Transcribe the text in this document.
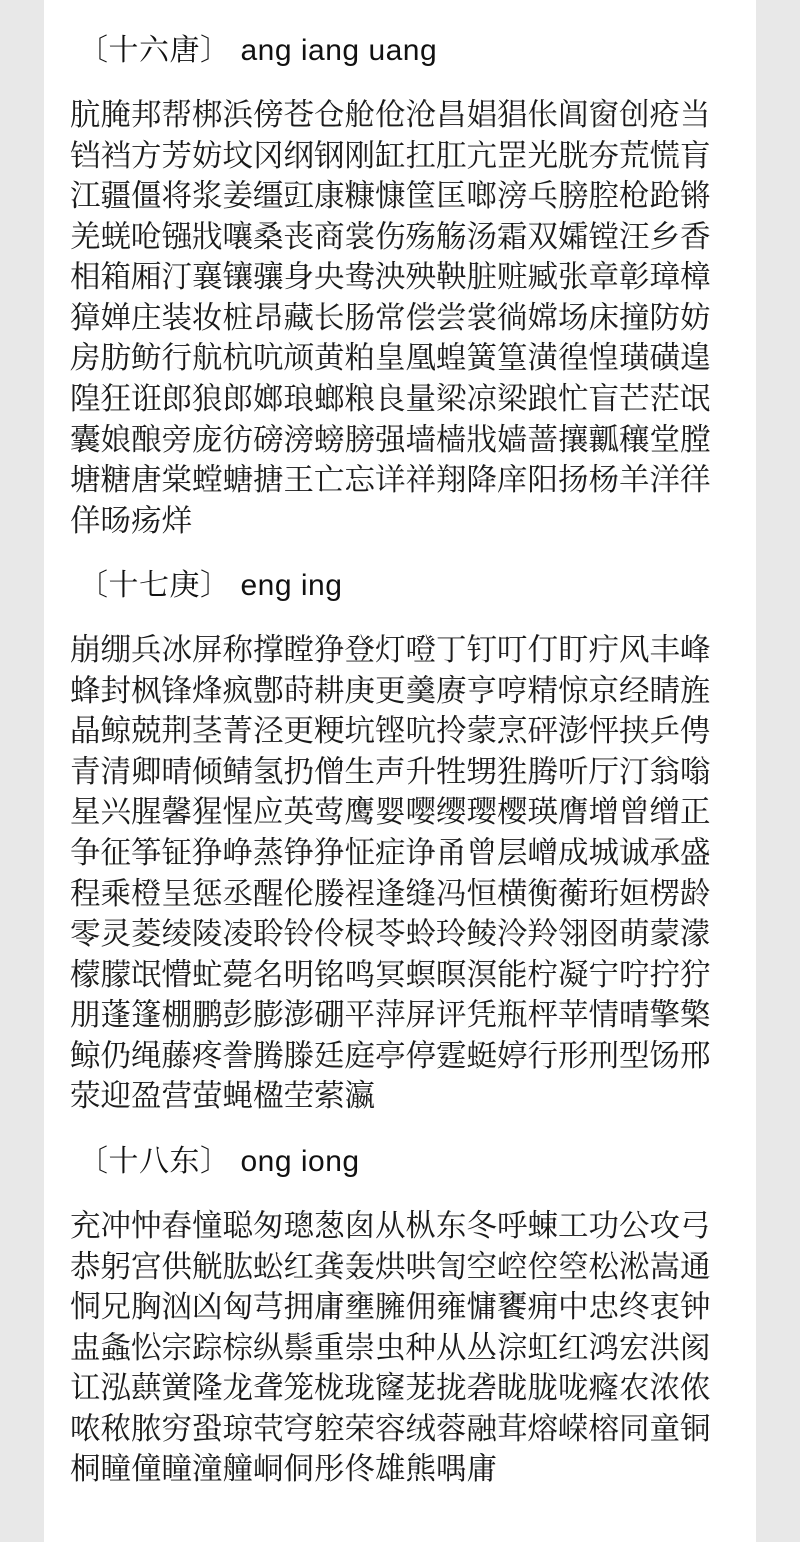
〔十六唐〕 ang iang uang
肮腌邦帮梆浜傍苍仓舱伧沧昌娼猖伥阊窗创疮当铛裆方芳妨坟冈纲钢刚缸扛肛亢罡光胱夯荒慌肓江疆僵将浆姜缰豇康糠慷筐匡啷滂乓膀腔枪跄锵羌蜣呛镪戕嚷桑丧商裳伤殇觞汤霜双孀镗汪乡香相箱厢汀襄镶骧身央鸯泱殃鞅脏赃臧张章彰璋樟獐婵庄装妆桩昂藏长肠常偿尝裳徜嫦场床撞防妨房肪鲂行航杭吭颃黄粕皇凰蝗簧篁潢徨惶璜磺遑隍狂诳郎狼郎嫏琅螂粮良量梁凉梁踉忙盲芒茫氓囊娘酿旁庞彷磅滂螃膀强墙樯戕嫱蔷攘瓤穰堂膛塘糖唐棠螳螗搪王亡忘详祥翔降庠阳扬杨羊洋徉佯旸疡烊
〔十七庚〕 eng ing
崩绷兵冰屏称撑瞠狰登灯噔丁钉叮仃盯疔风丰峰蜂封枫锋烽疯鄷莳耕庚更羹赓亨哼精惊京经睛旌晶鲸兢荆茎菁泾更粳坑铿吭拎蒙烹砰澎怦挟乒俜青清卿晴倾鲭氢扔僧生声升牲甥狌腾听厅汀翁嗡星兴腥馨猩惺应英莺鹰婴嘤缨璎樱瑛膺增曾缯正争征筝钲狰峥蒸铮狰怔症诤甬曾层嶒成城诚承盛程乘橙呈惩丞醒伦媵裎逢缝冯恒横衡蘅珩姮楞龄零灵菱绫陵凌聆铃伶棂苓蛉玲鲮泠羚翎囹萌蒙濛檬朦氓懵虻薨名明铭鸣冥螟暝溟能柠凝宁咛拧狞朋蓬篷棚鹏彭膨澎硼平萍屏评凭瓶枰苹情晴擎檠鲸仍绳藤疼誊腾滕廷庭亭停霆蜓婷行形刑型饧邢荥迎盈营萤蝇楹茔萦瀛
〔十八东〕 ong iong
充冲忡舂憧聪匆璁葱囱从枞东冬呼蝀工功公攻弓恭躬宫供觥肱蚣红龚轰烘哄訇空崆倥箜松淞嵩通恫兄胸汹凶匈芎拥庸壅臃佣雍慵饔痈中忠终衷钟盅螽忪宗踪棕纵鬃重崇虫种从丛淙虹红鸿宏洪阂讧泓蕻黉隆龙聋笼栊珑窿茏拢砻眬胧咙癃农浓侬哝秾脓穷蛩琼茕穹躻荣容绒蓉融茸熔嵘榕同童铜桐瞳僮瞳潼艟峒侗彤佟雄熊喁庸
